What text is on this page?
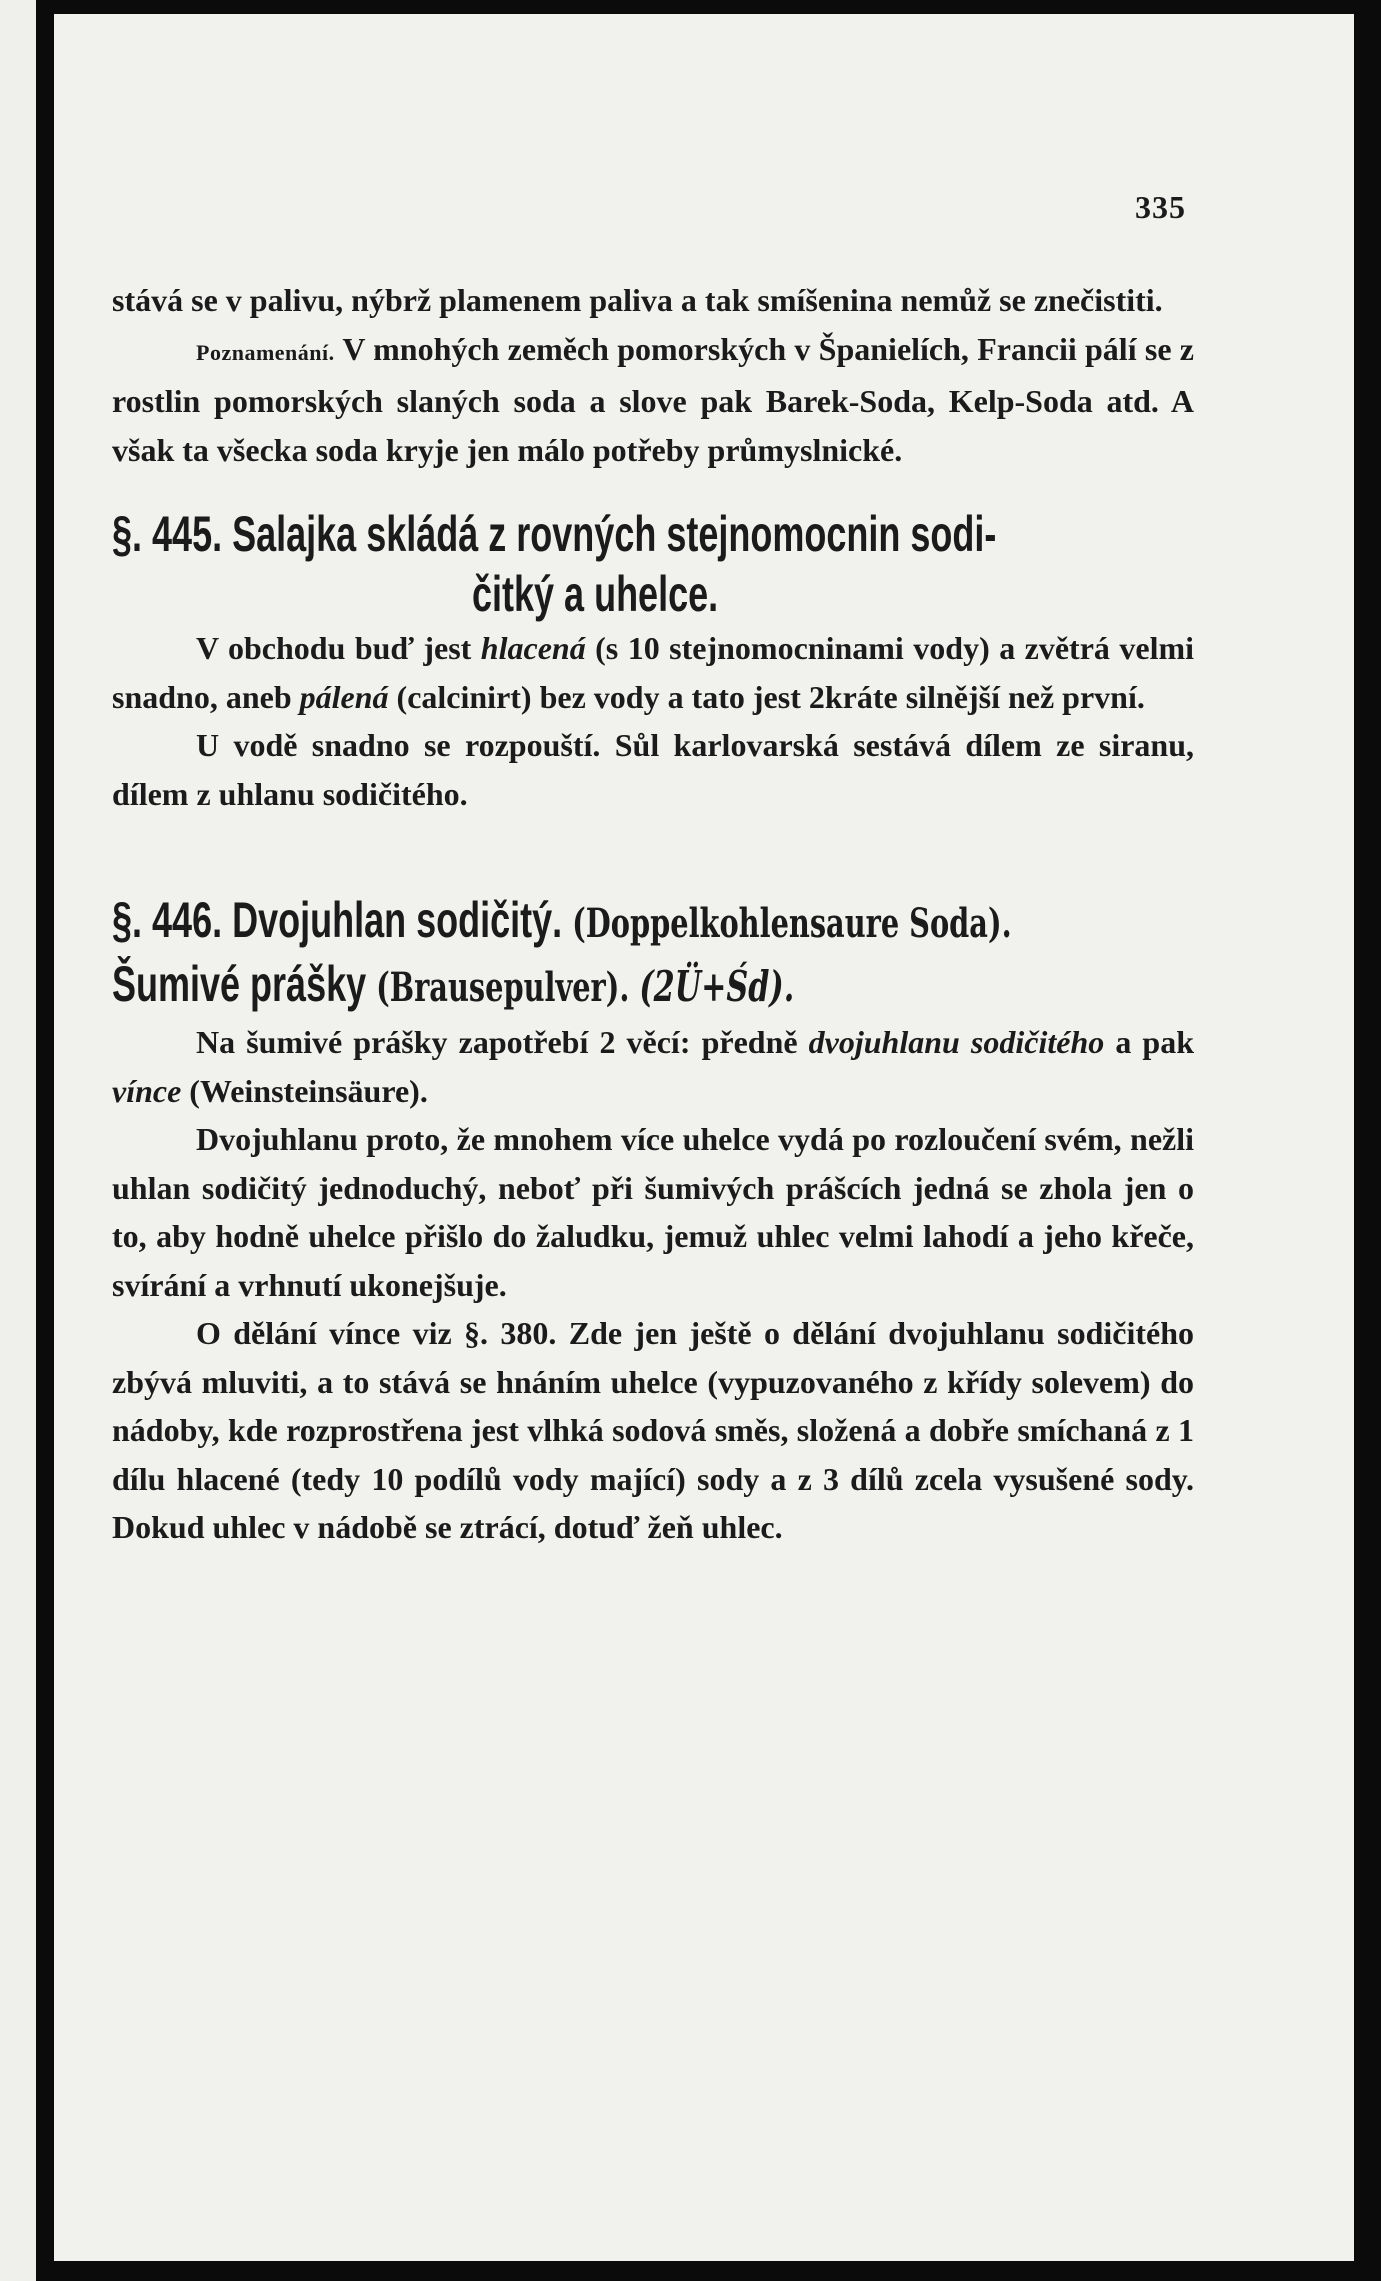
335

stává se v palivu, nýbrž plamenem paliva a tak smíšenina nemůž se znečistiti.

Poznamenání. V mnohých zeměch pomorských v Španielích, Francii pálí se z rostlin pomorských slaných soda a slove pak Barek-Soda, Kelp-Soda atd. A však ta všecka soda kryje jen málo potřeby průmyslnické.

§. 445. Salajka skládá z rovných stejnomocnin sodi-
čitký a uhelce.

V obchodu buď jest hlacená (s 10 stejnomocninami vody) a zvětrá velmi snadno, aneb pálená (calcinirt) bez vody a tato jest 2kráte silnější než první.

U vodě snadno se rozpouští. Sůl karlovarská sestává dílem ze siranu, dílem z uhlanu sodičitého.

§. 446. Dvojuhlan sodičitý. (Doppelkohlensaure Soda).
Šumivé prášky (Brausepulver). (2Ü+Śd).

Na šumivé prášky zapotřebí 2 věcí: předně dvojuhlanu sodičitého a pak vínce (Weinsteinsäure).

Dvojuhlanu proto, že mnohem více uhelce vydá po rozloučení svém, nežli uhlan sodičitý jednoduchý, neboť při šumivých prášcích jedná se zhola jen o to, aby hodně uhelce přišlo do žaludku, jemuž uhlec velmi lahodí a jeho křeče, svírání a vrhnutí ukonejšuje.

O dělání vínce viz §. 380. Zde jen ještě o dělání dvojuhlanu sodičitého zbývá mluviti, a to stává se hnáním uhelce (vypuzovaného z křídy solevem) do nádoby, kde rozprostřena jest vlhká sodová směs, složená a dobře smíchaná z 1 dílu hlacené (tedy 10 podílů vody mající) sody a z 3 dílů zcela vysušené sody. Dokud uhlec v nádobě se ztrácí, dotuď žeň uhlec.
